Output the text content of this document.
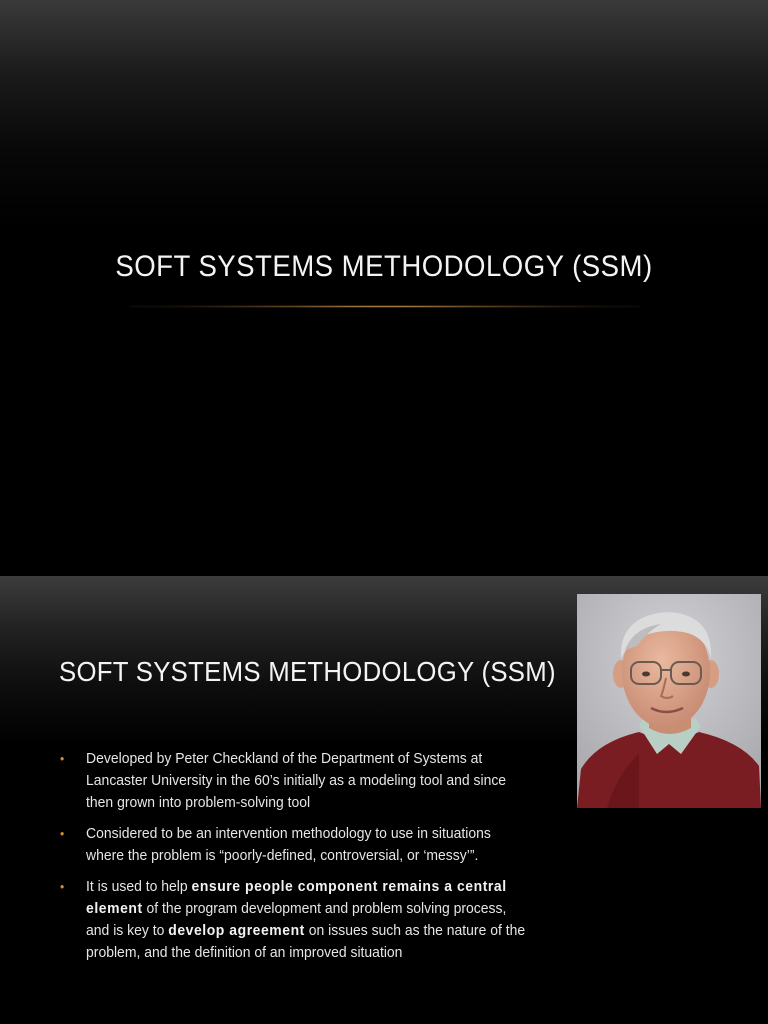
SOFT SYSTEMS METHODOLOGY (SSM)
SOFT SYSTEMS METHODOLOGY (SSM)
• Developed by Peter Checkland of the Department of Systems at Lancaster University in the 60’s initially as a modeling tool and since then grown into problem-solving tool
• Considered to be an intervention methodology to use in situations where the problem is “poorly-defined, controversial, or ‘messy’”.
• It is used to help ensure people component remains a central element of the program development and problem solving process, and is key to develop agreement on issues such as the nature of the problem, and the definition of an improved situation
